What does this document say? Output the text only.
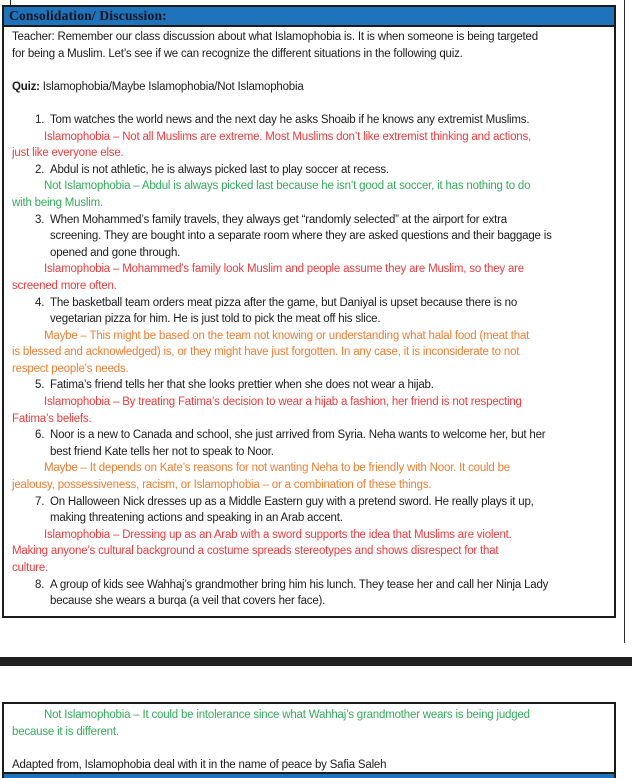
Consolidation/ Discussion:
Teacher: Remember our class discussion about what Islamophobia is. It is when someone is being targeted
for being a Muslim. Let’s see if we can recognize the different situations in the following quiz.
Quiz: Islamophobia/Maybe Islamophobia/Not Islamophobia
1. Tom watches the world news and the next day he asks Shoaib if he knows any extremist Muslims.
Islamophobia – Not all Muslims are extreme. Most Muslims don’t like extremist thinking and actions,
just like everyone else.
2. Abdul is not athletic, he is always picked last to play soccer at recess.
Not Islamophobia – Abdul is always picked last because he isn’t good at soccer, it has nothing to do
with being Muslim.
3. When Mohammed’s family travels, they always get “randomly selected” at the airport for extra
screening. They are bought into a separate room where they are asked questions and their baggage is
opened and gone through.
Islamophobia – Mohammed's family look Muslim and people assume they are Muslim, so they are
screened more often.
4. The basketball team orders meat pizza after the game, but Daniyal is upset because there is no
vegetarian pizza for him. He is just told to pick the meat off his slice.
Maybe – This might be based on the team not knowing or understanding what halal food (meat that
is blessed and acknowledged) is, or they might have just forgotten. In any case, it is inconsiderate to not
respect people's needs.
5. Fatima’s friend tells her that she looks prettier when she does not wear a hijab.
Islamophobia – By treating Fatima’s decision to wear a hijab a fashion, her friend is not respecting
Fatima’s beliefs.
6. Noor is a new to Canada and school, she just arrived from Syria. Neha wants to welcome her, but her
best friend Kate tells her not to speak to Noor.
Maybe – It depends on Kate’s reasons for not wanting Neha to be friendly with Noor. It could be
jealousy, possessiveness, racism, or Islamophobia – or a combination of these things.
7. On Halloween Nick dresses up as a Middle Eastern guy with a pretend sword. He really plays it up,
making threatening actions and speaking in an Arab accent.
Islamophobia – Dressing up as an Arab with a sword supports the idea that Muslims are violent.
Making anyone’s cultural background a costume spreads stereotypes and shows disrespect for that
culture.
8. A group of kids see Wahhaj’s grandmother bring him his lunch. They tease her and call her Ninja Lady
because she wears a burqa (a veil that covers her face).
Not Islamophobia – It could be intolerance since what Wahhaj’s grandmother wears is being judged
because it is different.
Adapted from, Islamophobia deal with it in the name of peace by Safia Saleh
